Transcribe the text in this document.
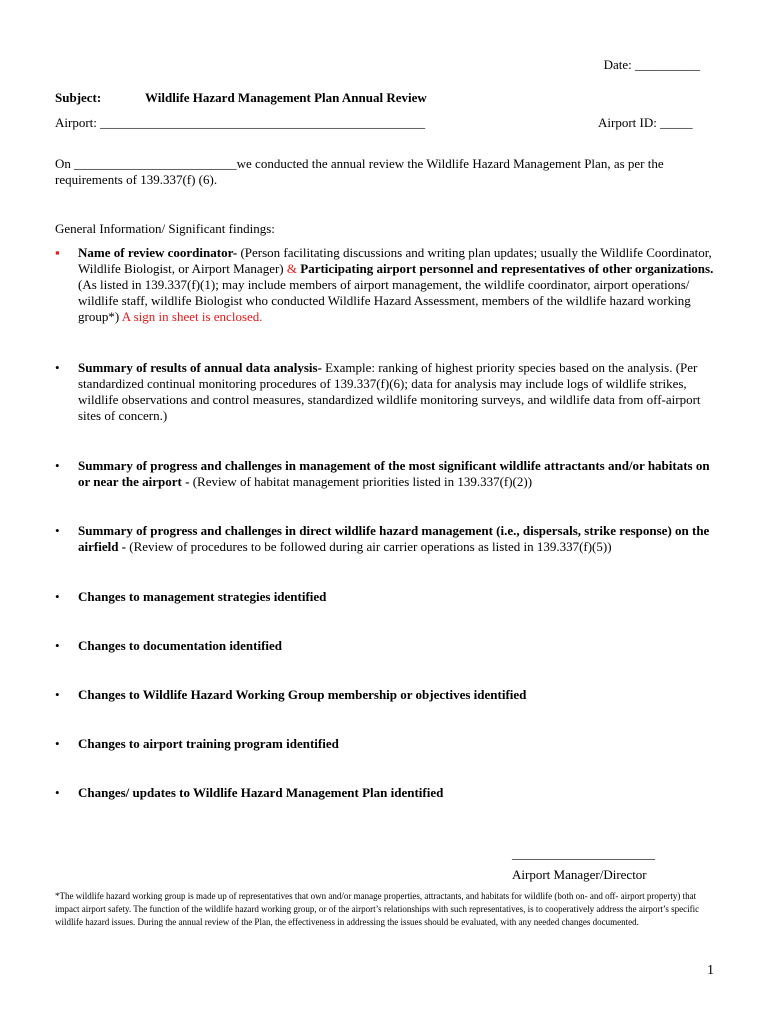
Date: __________
Subject:	Wildlife Hazard Management Plan Annual Review
Airport: __________________________________________________	Airport ID: _____
On _________________________we conducted the annual review the Wildlife Hazard Management Plan, as per the requirements of 139.337(f) (6).
General Information/ Significant findings:
▪	Name of review coordinator- (Person facilitating discussions and writing plan updates; usually the Wildlife Coordinator, Wildlife Biologist, or Airport Manager) & Participating airport personnel and representatives of other organizations. (As listed in 139.337(f)(1); may include members of airport management, the wildlife coordinator, airport operations/ wildlife staff, wildlife Biologist who conducted Wildlife Hazard Assessment, members of the wildlife hazard working group*) A sign in sheet is enclosed.
•	Summary of results of annual data analysis- Example: ranking of highest priority species based on the analysis. (Per standardized continual monitoring procedures of 139.337(f)(6); data for analysis may include logs of wildlife strikes, wildlife observations and control measures, standardized wildlife monitoring surveys, and wildlife data from off-airport sites of concern.)
•	Summary of progress and challenges in management of the most significant wildlife attractants and/or habitats on or near the airport - (Review of habitat management priorities listed in 139.337(f)(2))
•	Summary of progress and challenges in direct wildlife hazard management (i.e., dispersals, strike response) on the airfield - (Review of procedures to be followed during air carrier operations as listed in 139.337(f)(5))
•	Changes to management strategies identified
•	Changes to documentation identified
•	Changes to Wildlife Hazard Working Group membership or objectives identified
•	Changes to airport training program identified
•	Changes/ updates to Wildlife Hazard Management Plan identified
______________________
Airport Manager/Director
*The wildlife hazard working group is made up of representatives that own and/or manage properties, attractants, and habitats for wildlife (both on- and off- airport property) that impact airport safety. The function of the wildlife hazard working group, or of the airport’s relationships with such representatives, is to cooperatively address the airport’s specific wildlife hazard issues. During the annual review of the Plan, the effectiveness in addressing the issues should be evaluated, with any needed changes documented.
1
